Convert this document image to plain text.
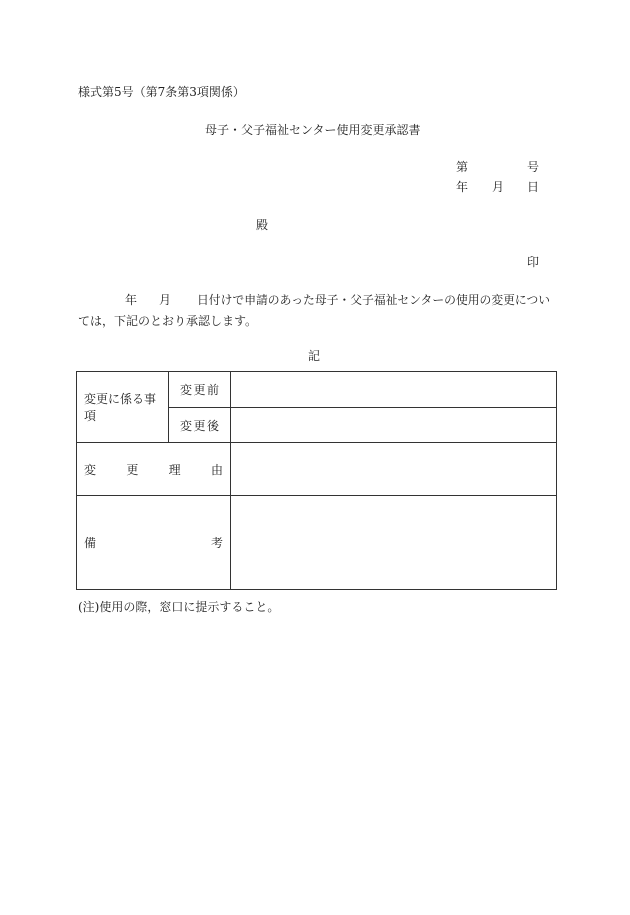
様式第5号（第7条第3項関係）
母子・父子福祉センター使用変更承認書
第	号
年 月 日
殿
印
年 月 日付けで申請のあった母子・父子福祉センターの使用の変更につい
ては，下記のとおり承認します。
記
変更に係る事項	変 更 前	

	変 更 後	

変 更 理 由		

備 考		

(注)使用の際，窓口に提示すること。
